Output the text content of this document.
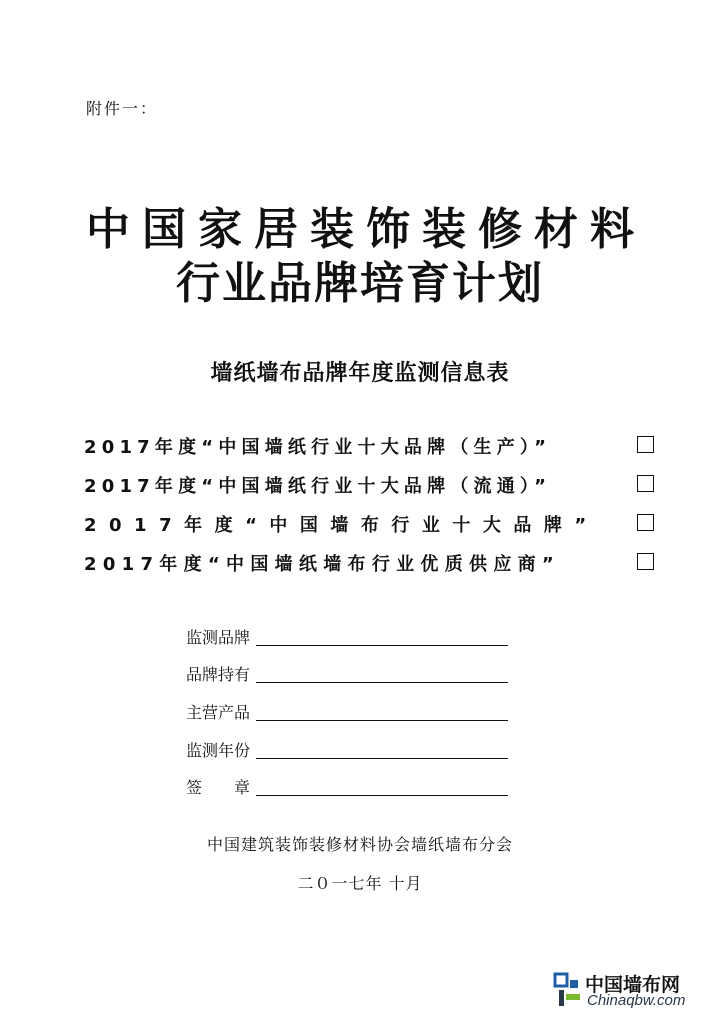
附件一：
中国家居装饰装修材料
行业品牌培育计划
墙纸墙布品牌年度监测信息表
2017年度“中国墙纸行业十大品牌（生产）”
2017年度“中国墙纸行业十大品牌（流通）”
2017年度“中国墙布行业十大品牌”
2017年度“中国墙纸墙布行业优质供应商”
监测品牌
品牌持有
主营产品
监测年份
签　　章
中国建筑装饰装修材料协会墙纸墙布分会
二０一七年 十月
中国墙布网
Chinaqbw.com
